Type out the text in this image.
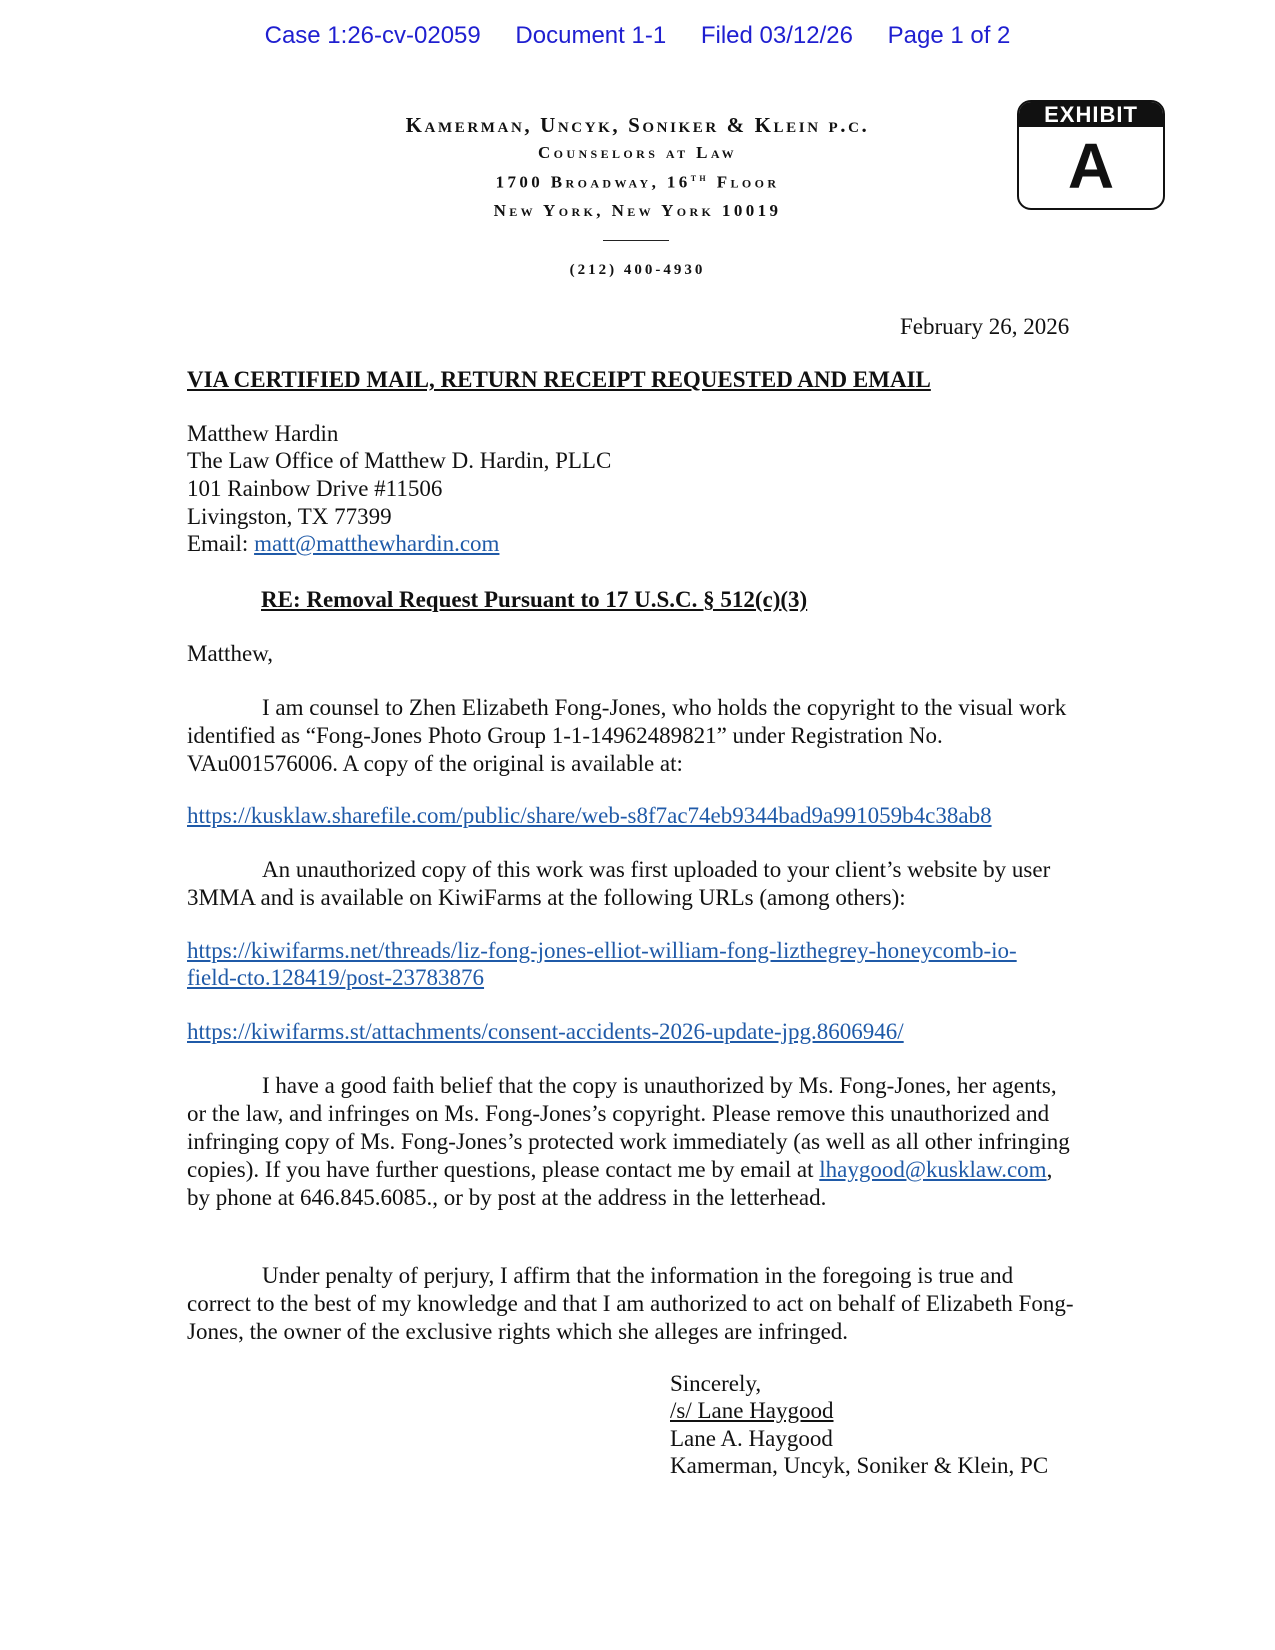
Case 1:26-cv-02059 Document 1-1 Filed 03/12/26 Page 1 of 2
EXHIBIT
A
Kamerman, Uncyk, Soniker & Klein p.c.
Counselors at Law
1700 Broadway, 16th Floor
New York, New York 10019
(212) 400-4930
February 26, 2026
VIA CERTIFIED MAIL, RETURN RECEIPT REQUESTED AND EMAIL
Matthew Hardin
The Law Office of Matthew D. Hardin, PLLC
101 Rainbow Drive #11506
Livingston, TX 77399
Email: matt@matthewhardin.com
RE: Removal Request Pursuant to 17 U.S.C. § 512(c)(3)
Matthew,
I am counsel to Zhen Elizabeth Fong-Jones, who holds the copyright to the visual work identified as “Fong-Jones Photo Group 1-1-14962489821” under Registration No. VAu001576006. A copy of the original is available at:
https://kusklaw.sharefile.com/public/share/web-s8f7ac74eb9344bad9a991059b4c38ab8
An unauthorized copy of this work was first uploaded to your client’s website by user 3MMA and is available on KiwiFarms at the following URLs (among others):
https://kiwifarms.net/threads/liz-fong-jones-elliot-william-fong-lizthegrey-honeycomb-io-
field-cto.128419/post-23783876
https://kiwifarms.st/attachments/consent-accidents-2026-update-jpg.8606946/
I have a good faith belief that the copy is unauthorized by Ms. Fong-Jones, her agents, or the law, and infringes on Ms. Fong-Jones’s copyright. Please remove this unauthorized and infringing copy of Ms. Fong-Jones’s protected work immediately (as well as all other infringing copies). If you have further questions, please contact me by email at lhaygood@kusklaw.com, by phone at 646.845.6085., or by post at the address in the letterhead.
Under penalty of perjury, I affirm that the information in the foregoing is true and correct to the best of my knowledge and that I am authorized to act on behalf of Elizabeth Fong-Jones, the owner of the exclusive rights which she alleges are infringed.
Sincerely,
/s/ Lane Haygood
Lane A. Haygood
Kamerman, Uncyk, Soniker & Klein, PC
